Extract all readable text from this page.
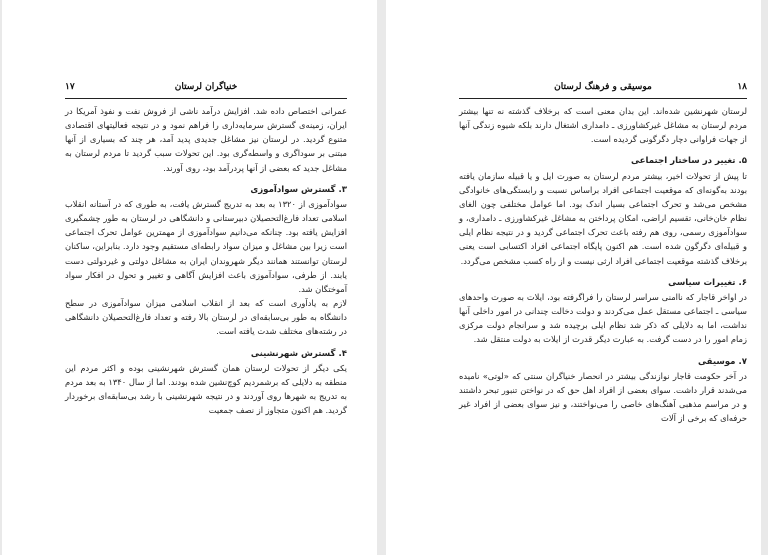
خنیاگران لرستان
۱۷

عمرانی اختصاص داده شد. افزایش درآمد ناشی از فروش نفت و نفوذ آمریکا در ایران، زمینه‌ی گسترش سرمایه‌داری را فراهم نمود و در نتیجه فعالیتهای اقتصادی متنوع گردید. در لرستان نیز مشاغل جدیدی پدید آمد، هر چند که بسیاری از آنها مبتنی بر سوداگری و واسطه‌گری بود. این تحولات سبب گردید تا مردم لرستان به مشاغل جدید که بعضی از آنها پردرآمد بود، روی آورند.

۳. گسترش سوادآموزی

سوادآموزی از ۱۳۲۰ به بعد به تدریج گسترش یافت، به طوری که در آستانه انقلاب اسلامی تعداد فارغ‌التحصیلان دبیرستانی و دانشگاهی در لرستان به طور چشمگیری افزایش یافته بود. چنانکه می‌دانیم سوادآموزی از مهمترین عوامل تحرک اجتماعی است زیرا بین مشاغل و میزان سواد رابطه‌ای مستقیم وجود دارد. بنابراین، ساکنان لرستان توانستند همانند دیگر شهروندان ایران به مشاغل دولتی و غیردولتی دست یابند. از طرفی، سوادآموزی باعث افزایش آگاهی و تغییر و تحول در افکار سواد آموختگان شد.

لازم به یادآوری است که بعد از انقلاب اسلامی میزان سوادآموزی در سطح دانشگاه به طور بی‌سابقه‌ای در لرستان بالا رفته و تعداد فارغ‌التحصیلان دانشگاهی در رشته‌های مختلف شدت یافته است.

۴. گسترش شهرنشینی

یکی دیگر از تحولات لرستان همان گسترش شهرنشینی بوده و اکثر مردم این منطقه به دلایلی که برشمردیم کوچ‌نشین شده بودند. اما از سال ۱۳۴۰ به بعد مردم به تدریج به شهرها روی آوردند و در نتیجه شهرنشینی با رشد بی‌سابقه‌ای برخوردار گردید. هم اکنون متجاوز از نصف جمعیت

موسیقی و فرهنگ لرستان	۱۸

لرستان شهرنشین شده‌اند. این بدان معنی است که برخلاف گذشته نه تنها بیشتر مردم لرستان به مشاغل غیرکشاورزی ـ دامداری اشتغال دارند بلکه شیوه زندگی آنها از جهات فراوانی دچار دگرگونی گردیده است.

۵. تغییر در ساختار اجتماعی

تا پیش از تحولات اخیر، بیشتر مردم لرستان به صورت ایل و یا قبیله سازمان یافته بودند به‌گونه‌ای که موقعیت اجتماعی افراد براساس نسبت و رابستگی‌های خانوادگی مشخص می‌شد و تحرک اجتماعی بسیار اندک بود. اما عوامل مختلفی چون الغای نظام خان‌خانی، تقسیم اراضی، امکان پرداختن به مشاغل غیرکشاورزی ـ دامداری، و سوادآموزی رسمی، روی هم رفته باعث تحرک اجتماعی گردید و در نتیجه نظام ایلی و قبیله‌ای دگرگون شده است. هم اکنون پایگاه اجتماعی افراد اکتسابی است یعنی برخلاف گذشته موقعیت اجتماعی افراد ارثی نیست و از راه کسب مشخص می‌گردد.

۶. تغییرات سیاسی

در اواخر قاجار که ناامنی سراسر لرستان را فراگرفته بود، ایلات به صورت واحدهای سیاسی ـ اجتماعی مستقل عمل می‌کردند و دولت دخالت چندانی در امور داخلی آنها نداشت، اما به دلایلی که ذکر شد نظام ایلی برچیده شد و سرانجام دولت مرکزی زمام امور را در دست گرفت. به عبارت دیگر قدرت از ایلات به دولت منتقل شد.

۷. موسیقی

در آخر حکومت قاجار نوازندگی بیشتر در انحصار خنیاگران سنتی که «لوتی» نامیده می‌شدند قرار داشت. سوای بعضی از افراد اهل حق که در نواختن تنبور تبحر داشتند و در مراسم مذهبی آهنگ‌های خاصی را می‌نواختند، و نیز سوای بعضی از افراد غیر حرفه‌ای که برخی از آلات
